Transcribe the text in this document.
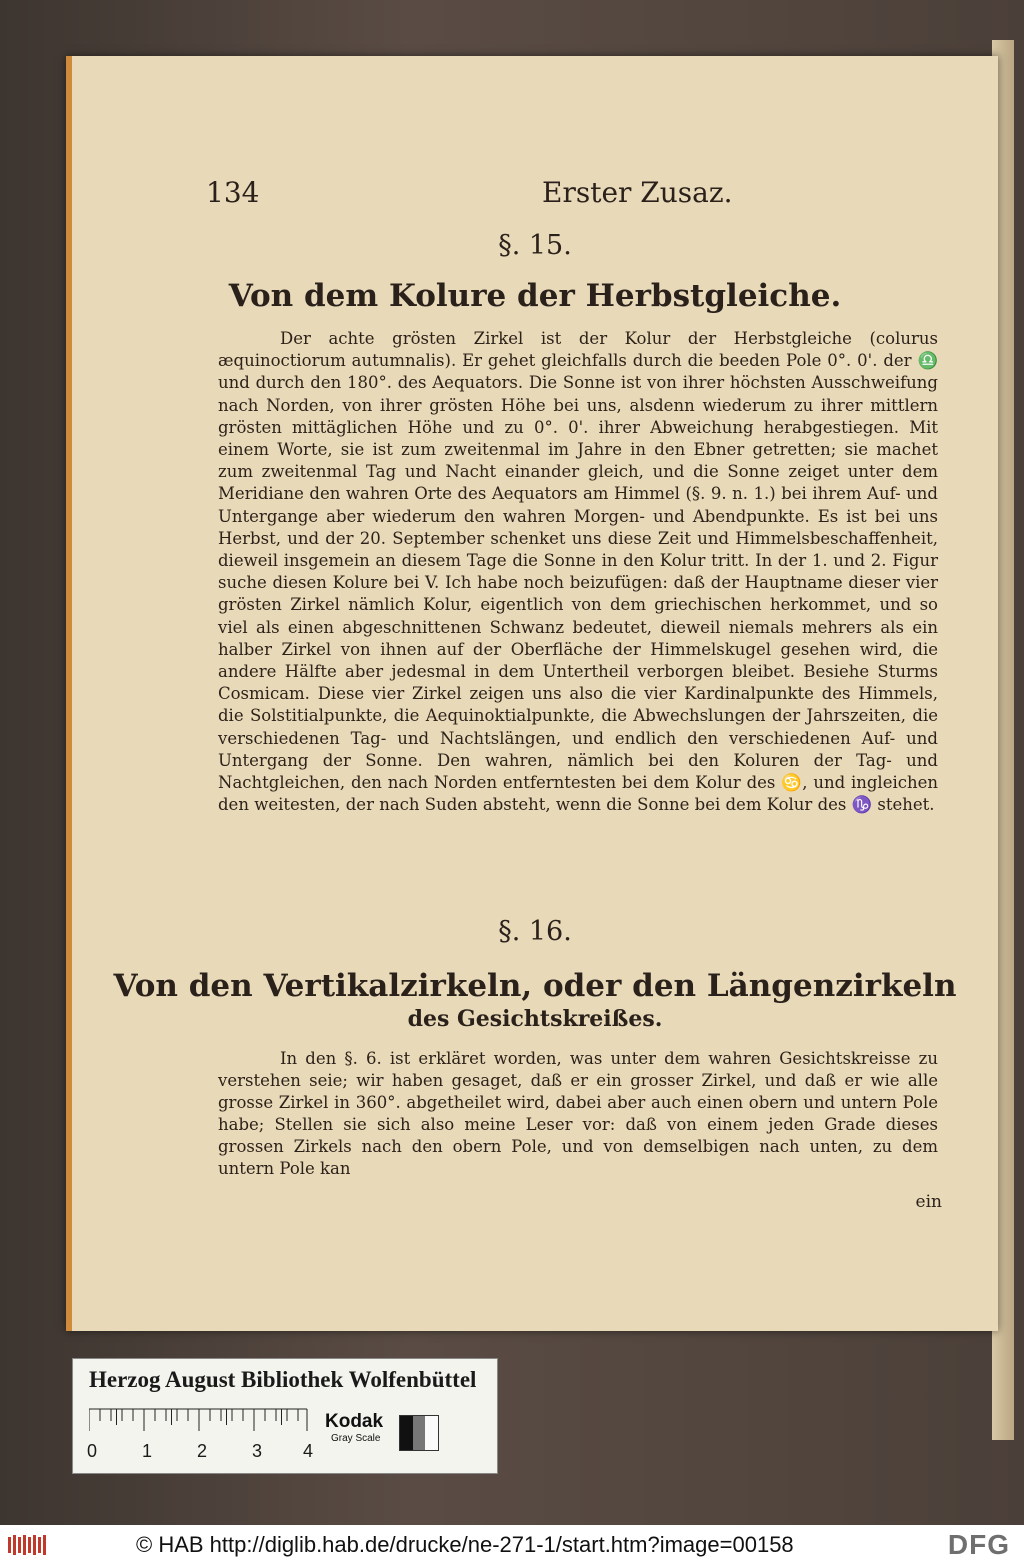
134	Erster Zusaz.
§. 15.
Von dem Kolure der Herbstgleiche.
Der achte grösten Zirkel ist der Kolur der Herbstgleiche (colurus æquinoctiorum autumnalis). Er gehet gleichfalls durch die beeden Pole 0°. 0'. der ♎ und durch den 180°. des Aequators. Die Sonne ist von ihrer höchsten Ausschweifung nach Norden, von ihrer grösten Höhe bei uns, alsdenn wiederum zu ihrer mittlern grösten mittäglichen Höhe und zu 0°. 0'. ihrer Abweichung herabgestiegen. Mit einem Worte, sie ist zum zweitenmal im Jahre in den Ebner getretten; sie machet zum zweitenmal Tag und Nacht einander gleich, und die Sonne zeiget unter dem Meridiane den wahren Orte des Aequators am Himmel (§. 9. n. 1.) bei ihrem Auf- und Untergange aber wiederum den wahren Morgen- und Abendpunkte. Es ist bei uns Herbst, und der 20. September schenket uns diese Zeit und Himmelsbeschaffenheit, dieweil insgemein an diesem Tage die Sonne in den Kolur tritt. In der 1. und 2. Figur suche diesen Kolure bei V. Ich habe noch beizufügen: daß der Hauptname dieser vier grösten Zirkel nämlich Kolur, eigentlich von dem griechischen herkommet, und so viel als einen abgeschnittenen Schwanz bedeutet, dieweil niemals mehrers als ein halber Zirkel von ihnen auf der Oberfläche der Himmelskugel gesehen wird, die andere Hälfte aber jedesmal in dem Untertheil verborgen bleibet. Besiehe Sturms Cosmicam. Diese vier Zirkel zeigen uns also die vier Kardinalpunkte des Himmels, die Solstitialpunkte, die Aequinoktialpunkte, die Abwechslungen der Jahrszeiten, die verschiedenen Tag- und Nachtslängen, und endlich den verschiedenen Auf- und Untergang der Sonne. Den wahren, nämlich bei den Koluren der Tag- und Nachtgleichen, den nach Norden entferntesten bei dem Kolur des ♋, und ingleichen den weitesten, der nach Suden absteht, wenn die Sonne bei dem Kolur des ♑ stehet.
§. 16.
Von den Vertikalzirkeln, oder den Längenzirkeln
des Gesichtskreißes.
In den §. 6. ist erkläret worden, was unter dem wahren Gesichtskreisse zu verstehen seie; wir haben gesaget, daß er ein grosser Zirkel, und daß er wie alle grosse Zirkel in 360°. abgetheilet wird, dabei aber auch einen obern und untern Pole habe; Stellen sie sich also meine Leser vor: daß von einem jeden Grade dieses grossen Zirkels nach den obern Pole, und von demselbigen nach unten, zu dem untern Pole kan
ein
Herzog August Bibliothek Wolfenbüttel
0 1 2 3 4
Kodak
Gray Scale
© HAB http://diglib.hab.de/drucke/ne-271-1/start.htm?image=00158	DFG
